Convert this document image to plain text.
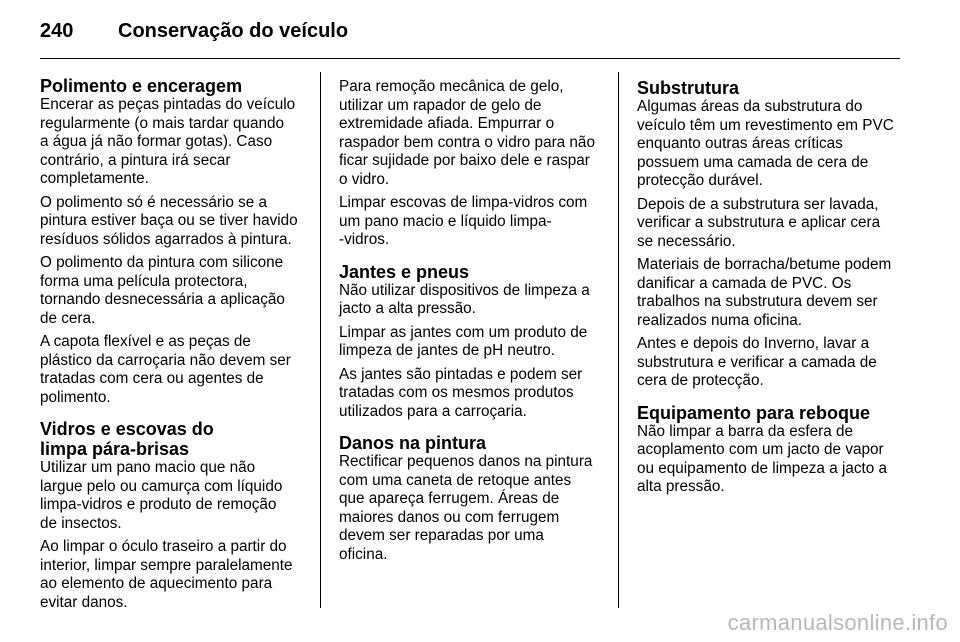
240 Conservação do veículo
Polimento e enceragem

Encerar as peças pintadas do veículo
regularmente (o mais tardar quando
a água já não formar gotas). Caso
contrário, a pintura irá secar
completamente.

O polimento só é necessário se a
pintura estiver baça ou se tiver havido
resíduos sólidos agarrados à pintura.

O polimento da pintura com silicone
forma uma película protectora,
tornando desnecessária a aplicação
de cera.

A capota flexível e as peças de
plástico da carroçaria não devem ser
tratadas com cera ou agentes de
polimento.

Vidros e escovas do
limpa pára-brisas

Utilizar um pano macio que não
largue pelo ou camurça com líquido
limpa-vidros e produto de remoção
de insectos.

Ao limpar o óculo traseiro a partir do
interior, limpar sempre paralelamente
ao elemento de aquecimento para
evitar danos.

Para remoção mecânica de gelo,
utilizar um rapador de gelo de
extremidade afiada. Empurrar o
raspador bem contra o vidro para não
ficar sujidade por baixo dele e raspar
o vidro.

Limpar escovas de limpa-vidros com
um pano macio e líquido limpa-
-vidros.

Jantes e pneus

Não utilizar dispositivos de limpeza a
jacto a alta pressão.

Limpar as jantes com um produto de
limpeza de jantes de pH neutro.

As jantes são pintadas e podem ser
tratadas com os mesmos produtos
utilizados para a carroçaria.

Danos na pintura

Rectificar pequenos danos na pintura
com uma caneta de retoque antes
que apareça ferrugem. Áreas de
maiores danos ou com ferrugem
devem ser reparadas por uma
oficina.

Substrutura

Algumas áreas da substrutura do
veículo têm um revestimento em PVC
enquanto outras áreas críticas
possuem uma camada de cera de
protecção durável.

Depois de a substrutura ser lavada,
verificar a substrutura e aplicar cera
se necessário.

Materiais de borracha/betume podem
danificar a camada de PVC. Os
trabalhos na substrutura devem ser
realizados numa oficina.

Antes e depois do Inverno, lavar a
substrutura e verificar a camada de
cera de protecção.

Equipamento para reboque

Não limpar a barra da esfera de
acoplamento com um jacto de vapor
ou equipamento de limpeza a jacto a
alta pressão.

carmanualsonline.info
